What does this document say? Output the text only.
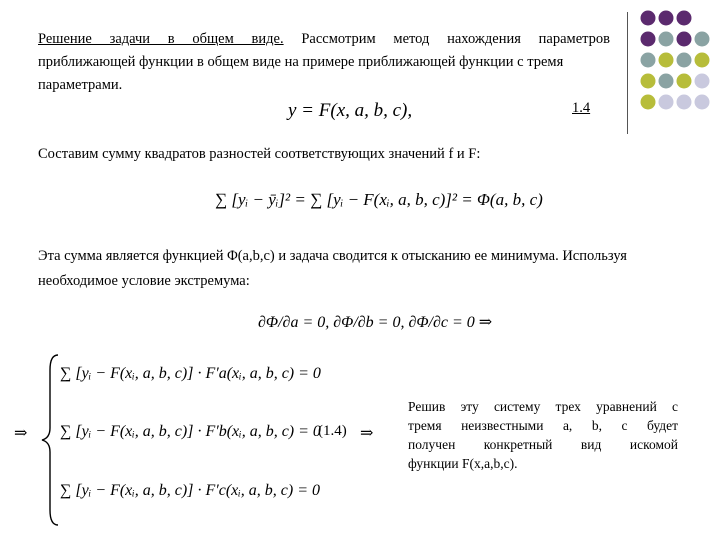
Решение задачи в общем виде. Рассмотрим метод нахождения параметров
приближающей функции в общем виде на примере приближающей функции с тремя
параметрами.
y = F(x, a, b, c),	1.4
Составим сумму квадратов разностей соответствующих значений f и F:
∑ [yᵢ − ȳᵢ]² = ∑ [yᵢ − F(xᵢ, a, b, c)]² = Φ(a, b, c)
Эта сумма является функцией Φ(a,b,c) и задача сводится к отысканию ее минимума. Используя
необходимое условие экстремума:
∂Φ/∂a = 0, ∂Φ/∂b = 0, ∂Φ/∂c = 0 ⇒
⇒
∑ [yᵢ − F(xᵢ, a, b, c)] · F′a(xᵢ, a, b, c) = 0
∑ [yᵢ − F(xᵢ, a, b, c)] · F′b(xᵢ, a, b, c) = 0
∑ [yᵢ − F(xᵢ, a, b, c)] · F′c(xᵢ, a, b, c) = 0
(1.4) ⇒
Решив эту систему трех уравнений с
тремя неизвестными a, b, c будет
получен конкретный вид искомой
функции F(x,a,b,c).
